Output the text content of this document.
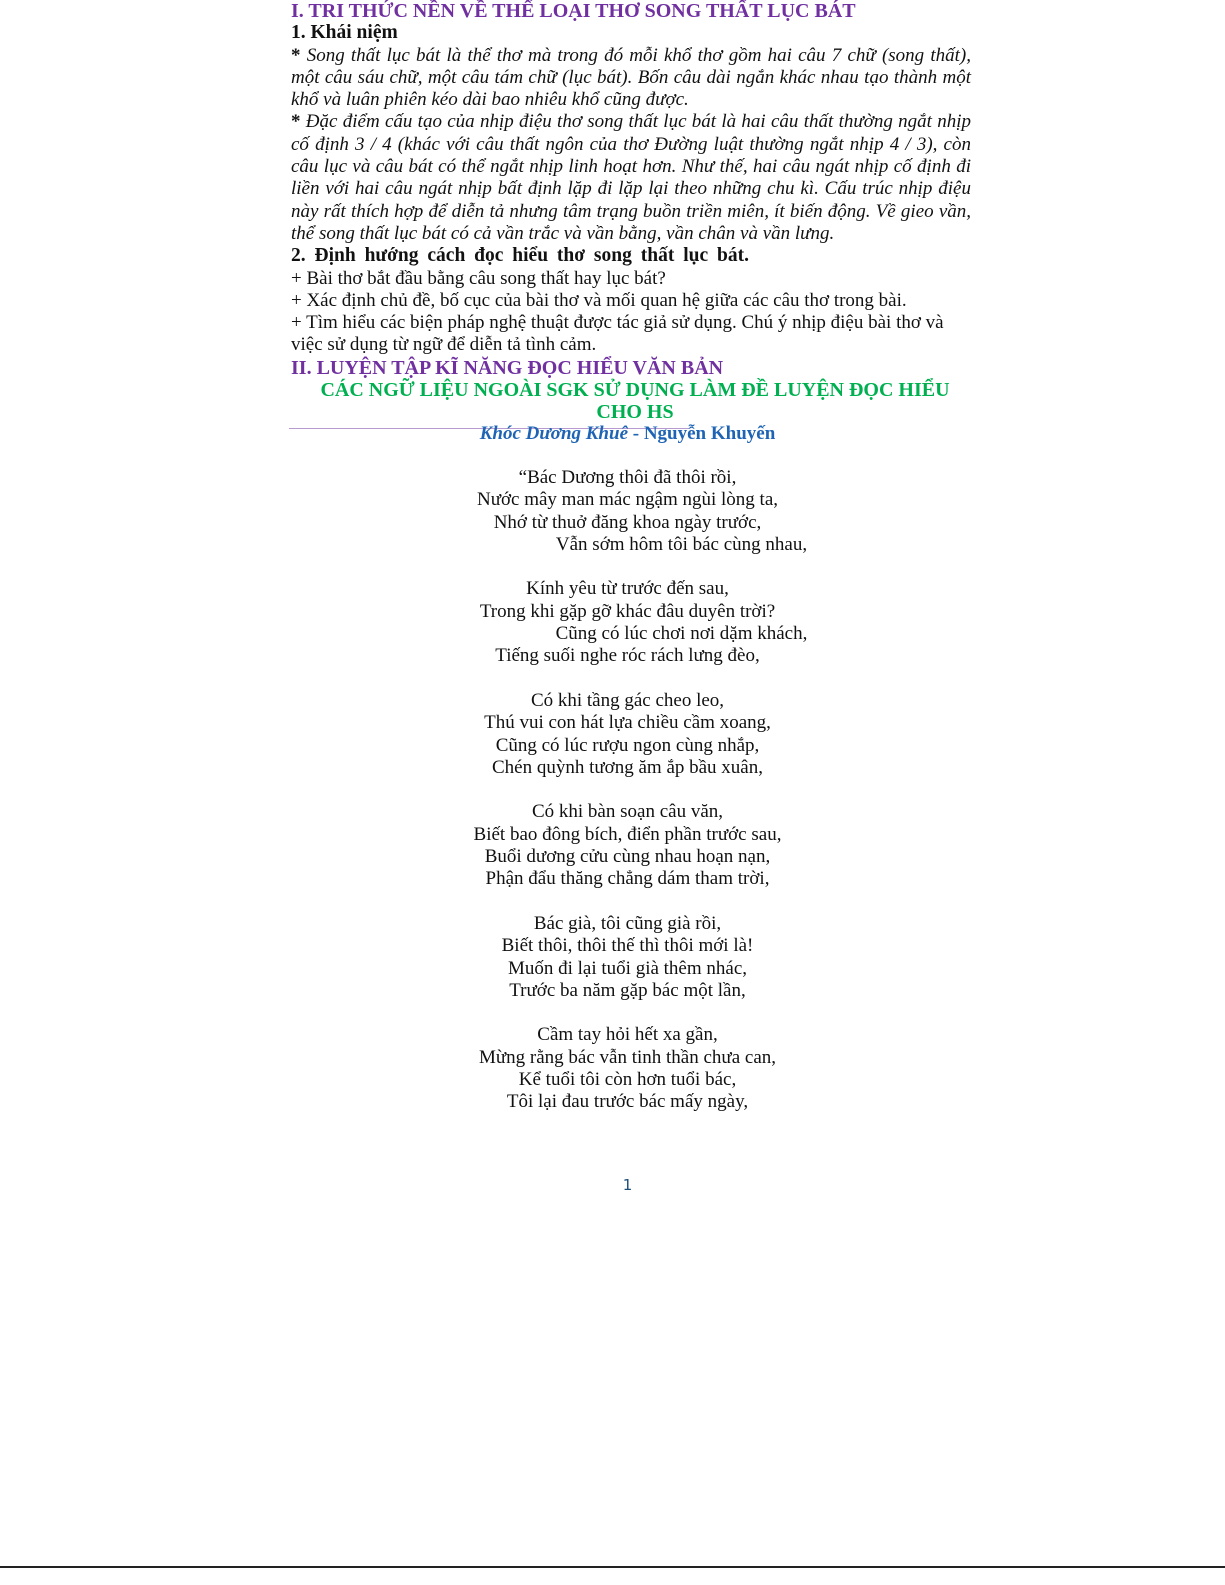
I. TRI THỨC NỀN VỀ THỂ LOẠI THƠ SONG THẤT LỤC BÁT

1. Khái niệm

* Song thất lục bát là thể thơ mà trong đó mỗi khổ thơ gồm hai câu 7 chữ (song thất), một câu sáu chữ, một câu tám chữ (lục bát). Bốn câu dài ngắn khác nhau tạo thành một khổ và luân phiên kéo dài bao nhiêu khổ cũng được.

* Đặc điểm cấu tạo của nhịp điệu thơ song thất lục bát là hai câu thất thường ngắt nhịp cố định 3 / 4 (khác với câu thất ngôn của thơ Đường luật thường ngắt nhịp 4 / 3), còn câu lục và câu bát có thể ngắt nhịp linh hoạt hơn. Như thế, hai câu ngát nhịp cố định đi liền với hai câu ngát nhịp bất định lặp đi lặp lại theo những chu kì. Cấu trúc nhịp điệu này rất thích hợp để diễn tả nhưng tâm trạng buồn triền miên, ít biến động. Về gieo vần, thể song thất lục bát có cả vần trắc và vần bằng, vần chân và vần lưng.

2. Định hướng cách đọc hiểu thơ song thất lục bát.

+ Bài thơ bắt đầu bằng câu song thất hay lục bát?

+ Xác định chủ đề, bố cục của bài thơ và mối quan hệ giữa các câu thơ trong bài.

+ Tìm hiểu các biện pháp nghệ thuật được tác giả sử dụng. Chú ý nhịp điệu bài thơ và việc sử dụng từ ngữ để diễn tả tình cảm.

II. LUYỆN TẬP KĨ NĂNG ĐỌC HIỂU VĂN BẢN

CÁC NGỮ LIỆU NGOÀI SGK SỬ DỤNG LÀM ĐỀ LUYỆN ĐỌC HIỂU CHO HS

Khóc Dương Khuê - Nguyễn Khuyến
“Bác Dương thôi đã thôi rồi,
Nước mây man mác ngậm ngùi lòng ta,
Nhớ từ thuở đăng khoa ngày trước,
Vẫn sớm hôm tôi bác cùng nhau,
Kính yêu từ trước đến sau,
Trong khi gặp gỡ khác đâu duyên trời?
Cũng có lúc chơi nơi dặm khách,
Tiếng suối nghe róc rách lưng đèo,
Có khi tầng gác cheo leo,
Thú vui con hát lựa chiều cầm xoang,
Cũng có lúc rượu ngon cùng nhắp,
Chén quỳnh tương ăm ắp bầu xuân,
Có khi bàn soạn câu văn,
Biết bao đông bích, điển phần trước sau,
Buổi dương cửu cùng nhau hoạn nạn,
Phận đẩu thăng chẳng dám tham trời,
Bác già, tôi cũng già rồi,
Biết thôi, thôi thế thì thôi mới là!
Muốn đi lại tuổi già thêm nhác,
Trước ba năm gặp bác một lần,
Cầm tay hỏi hết xa gần,
Mừng rằng bác vẫn tinh thần chưa can,
Kể tuổi tôi còn hơn tuổi bác,
Tôi lại đau trước bác mấy ngày,
1
